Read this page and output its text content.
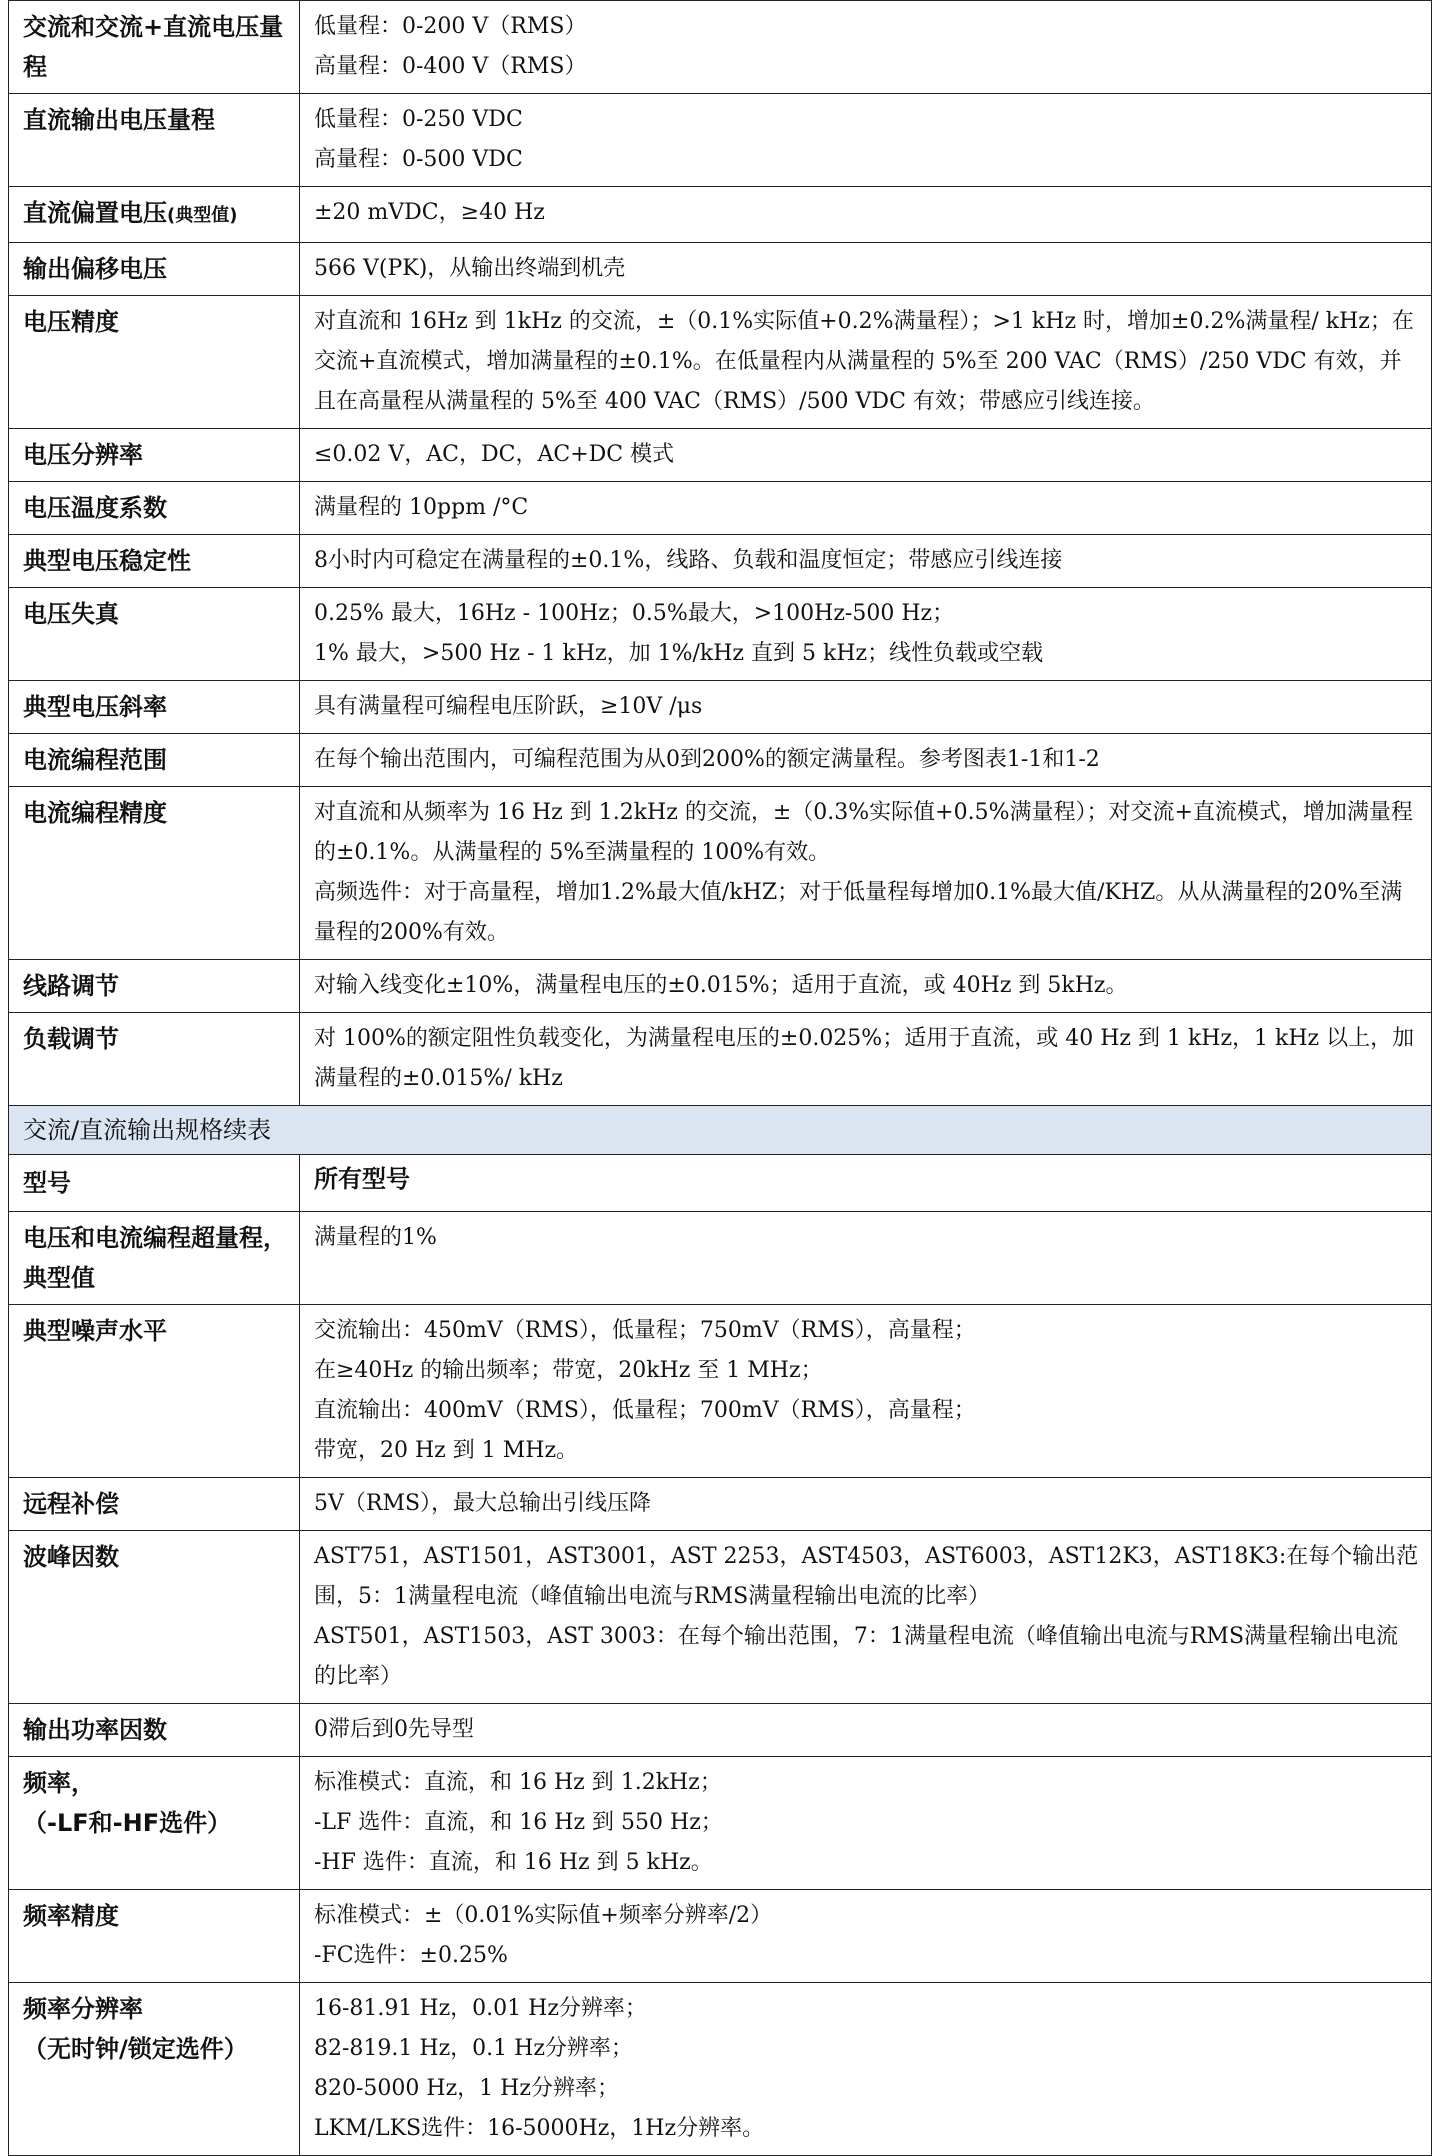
交流和交流+直流电压量程	低量程：0-200 V（RMS）
高量程：0-400 V（RMS）

直流输出电压量程	低量程：0-250 VDC
高量程：0-500 VDC

直流偏置电压(典型值)	±20 mVDC，≥40 Hz

输出偏移电压	566 V(PK)，从输出终端到机壳

电压精度	对直流和 16Hz 到 1kHz 的交流，±（0.1%实际值+0.2%满量程）；>1 kHz 时，增加±0.2%满量程/ kHz；在交流+直流模式，增加满量程的±0.1%。在低量程内从满量程的 5%至 200 VAC（RMS）/250 VDC 有效，并且在高量程从满量程的 5%至 400 VAC（RMS）/500 VDC 有效；带感应引线连接。

电压分辨率	≤0.02 V，AC，DC，AC+DC 模式

电压温度系数	满量程的 10ppm /°C

典型电压稳定性	8小时内可稳定在满量程的±0.1%，线路、负载和温度恒定；带感应引线连接

电压失真	0.25% 最大，16Hz - 100Hz；0.5%最大，>100Hz-500 Hz；
1% 最大，>500 Hz - 1 kHz，加 1%/kHz 直到 5 kHz；线性负载或空载

典型电压斜率	具有满量程可编程电压阶跃，≥10V /μs

电流编程范围	在每个输出范围内，可编程范围为从0到200%的额定满量程。参考图表1-1和1-2

电流编程精度	对直流和从频率为 16 Hz 到 1.2kHz 的交流，±（0.3%实际值+0.5%满量程）；对交流+直流模式，增加满量程的±0.1%。从满量程的 5%至满量程的 100%有效。
高频选件：对于高量程，增加1.2%最大值/kHZ；对于低量程每增加0.1%最大值/KHZ。从从满量程的20%至满量程的200%有效。

线路调节	对输入线变化±10%，满量程电压的±0.015%；适用于直流，或 40Hz 到 5kHz。

负载调节	对 100%的额定阻性负载变化，为满量程电压的±0.025%；适用于直流，或 40 Hz 到 1 kHz，1 kHz 以上，加满量程的±0.015%/ kHz

交流/直流输出规格续表	
型号	所有型号
电压和电流编程超量程，典型值	满量程的1%

典型噪声水平	交流输出：450mV（RMS），低量程；750mV（RMS），高量程；
在≥40Hz 的输出频率；带宽，20kHz 至 1 MHz；
直流输出：400mV（RMS），低量程；700mV（RMS），高量程；
带宽，20 Hz 到 1 MHz。

远程补偿	5V（RMS），最大总输出引线压降

波峰因数	AST751，AST1501，AST3001，AST 2253，AST4503，AST6003，AST12K3，AST18K3:在每个输出范围，5：1满量程电流（峰值输出电流与RMS满量程输出电流的比率）
AST501，AST1503，AST 3003：在每个输出范围，7：1满量程电流（峰值输出电流与RMS满量程输出电流的比率）

输出功率因数	0滞后到0先导型

频率，
（-LF和-HF选件）	标准模式：直流，和 16 Hz 到 1.2kHz；
-LF 选件：直流，和 16 Hz 到 550 Hz；
-HF 选件：直流，和 16 Hz 到 5 kHz。

频率精度	标准模式：±（0.01%实际值+频率分辨率/2）
-FC选件：±0.25%

频率分辨率
（无时钟/锁定选件）	16-81.91 Hz，0.01 Hz分辨率；
82-819.1 Hz，0.1 Hz分辨率；
820-5000 Hz，1 Hz分辨率；
LKM/LKS选件：16-5000Hz，1Hz分辨率。
